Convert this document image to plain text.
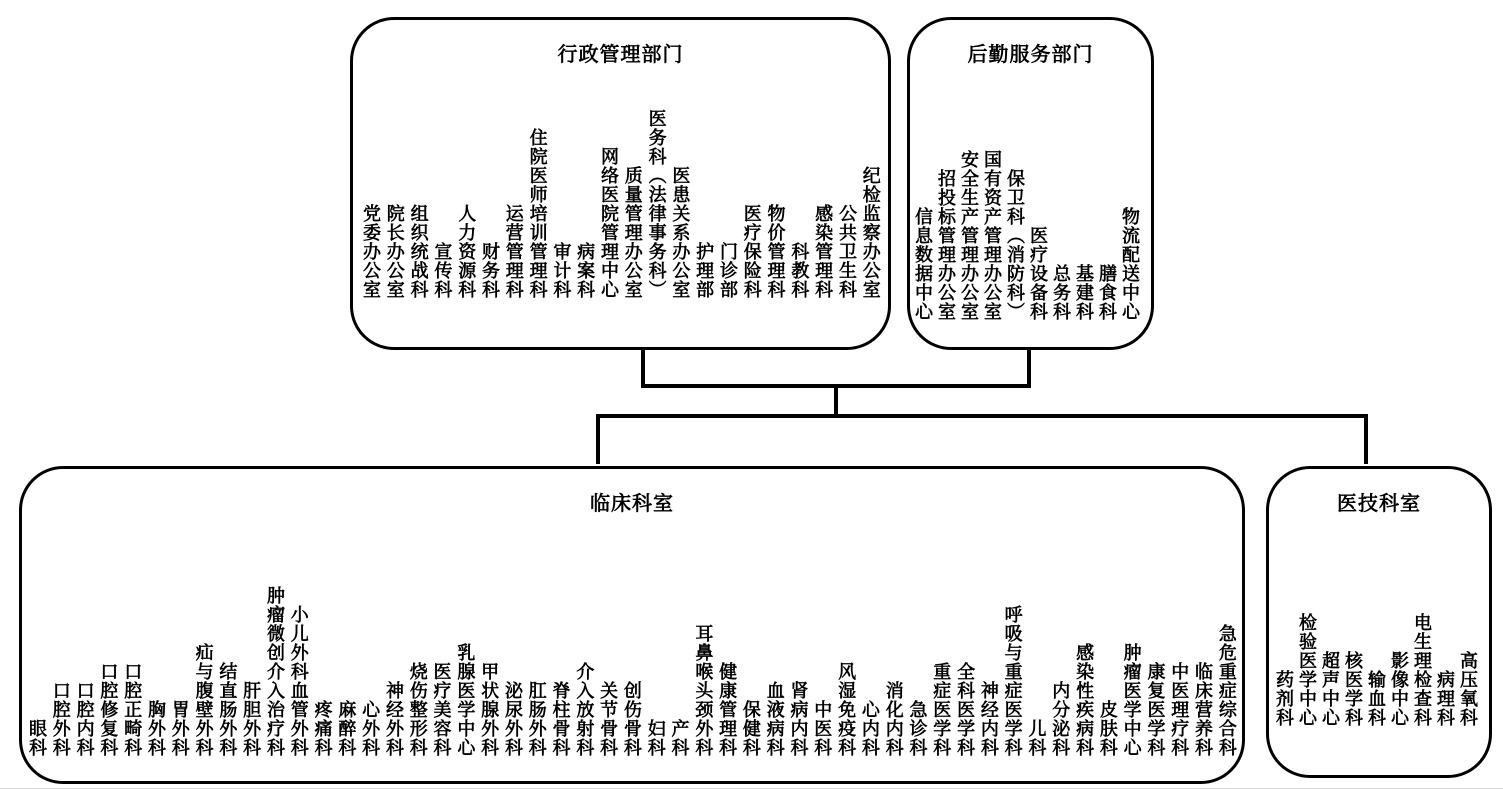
行政管理部门
纪检监察办公室
公共卫生科
感染管理科
科教科
物价管理科
医疗保险科
门诊部
护理部
医患关系办公室
医务科（法律事务科）
质量管理办公室
网络医院管理中心
病案科
审计科
住院医师培训管理科
运营管理科
财务科
人力资源科
宣传科
组织统战科
院长办公室
党委办公室
后勤服务部门
物流配送中心
膳食科
基建科
总务科
医疗设备科
保卫科（消防科）
国有资产管理办公室
安全生产管理办公室
招投标管理办公室
信息数据中心
临床科室
急危重症综合科
临床营养科
中医理疗科
康复医学科
肿瘤医学中心
皮肤科
感染性疾病科
内分泌科
儿科
呼吸与重症医学科
神经内科
全科医学科
重症医学科
急诊科
消化内科
心内科
风湿免疫科
中医科
肾病内科
血液病科
保健科
健康管理科
耳鼻喉头颈外科
产科
妇科
创伤骨科
关节骨科
介入放射科
脊柱骨科
肛肠外科
泌尿外科
甲状腺外科
乳腺医学中心
医疗美容科
烧伤整形科
神经外科
心外科
麻醉科
疼痛科
小儿外科血管外科
肿瘤微创介入治疗科
肝胆外科
结直肠外科
疝与腹壁外科
胃外科
胸外科
口腔正畸科
口腔修复科
口腔内科
口腔外科
眼科
医技科室
高压氧科
病理科
电生理检查科
影像中心
输血科
核医学科
超声中心
检验医学中心
药剂科
